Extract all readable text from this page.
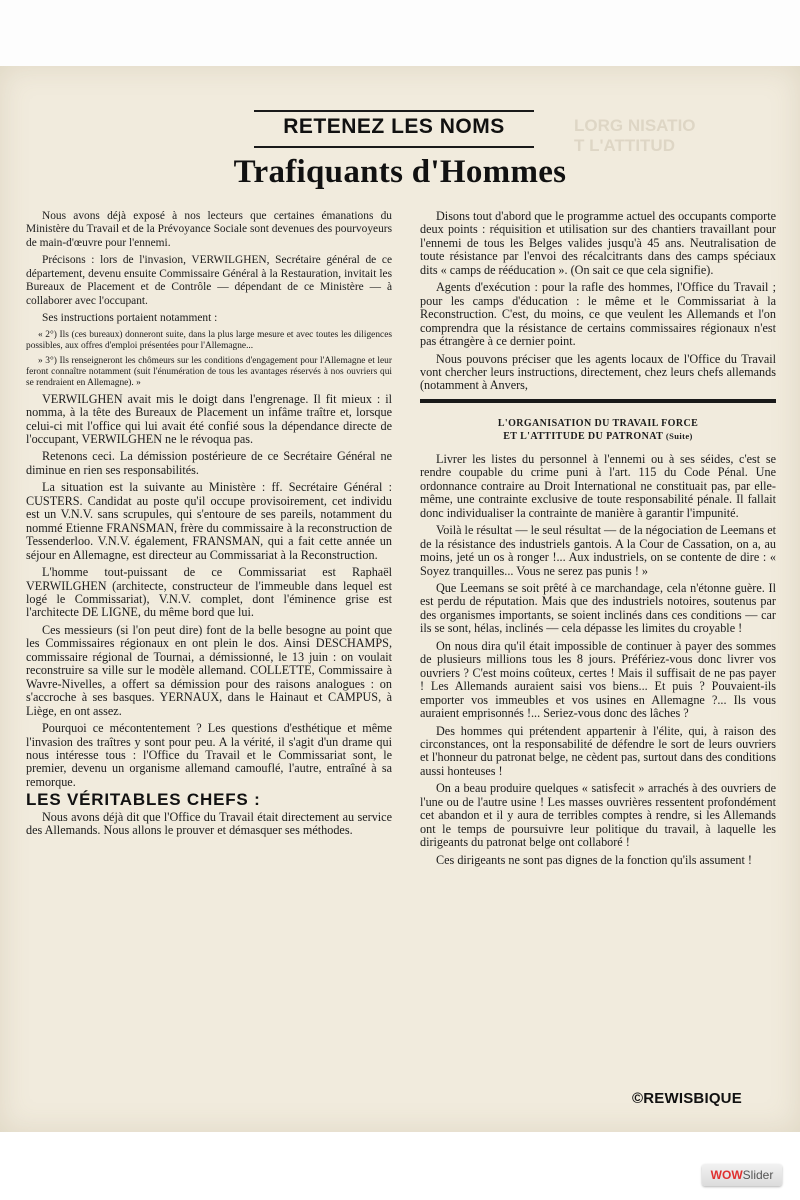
RETENEZ LES NOMS	LORG NISATIO
T L'ATTITUD
Trafiquants d'Hommes

Nous avons déjà exposé à nos lecteurs que certaines émanations du Ministère du Travail et de la Prévoyance Sociale sont devenues des pourvoyeurs de main-d'œuvre pour l'ennemi.

Précisons : lors de l'invasion, VERWILGHEN, Secrétaire général de ce département, devenu ensuite Commissaire Général à la Restauration, invitait les Bureaux de Placement et de Contrôle — dépendant de ce Ministère — à collaborer avec l'occupant.

Ses instructions portaient notamment :

« 2°) Ils (ces bureaux) donneront suite, dans la plus large mesure et avec toutes les diligences possibles, aux offres d'emploi présentées pour l'Allemagne...

» 3°) Ils renseigneront les chômeurs sur les conditions d'engagement pour l'Allemagne et leur feront connaître notamment (suit l'énumération de tous les avantages réservés à nos ouvriers qui se rendraient en Allemagne). »

VERWILGHEN avait mis le doigt dans l'engrenage. Il fit mieux : il nomma, à la tête des Bureaux de Placement un infâme traître et, lorsque celui-ci mit l'office qui lui avait été confié sous la dépendance directe de l'occupant, VERWILGHEN ne le révoqua pas.

Retenons ceci. La démission postérieure de ce Secrétaire Général ne diminue en rien ses responsabilités.

La situation est la suivante au Ministère : ff. Secrétaire Général : CUSTERS. Candidat au poste qu'il occupe provisoirement, cet individu est un V.N.V. sans scrupules, qui s'entoure de ses pareils, notamment du nommé Etienne FRANSMAN, frère du commissaire à la reconstruction de Tessenderloo. V.N.V. également, FRANSMAN, qui a fait cette année un séjour en Allemagne, est directeur au Commissariat à la Reconstruction.

L'homme tout-puissant de ce Commissariat est Raphaël VERWILGHEN (architecte, constructeur de l'immeuble dans lequel est logé le Commissariat), V.N.V. complet, dont l'éminence grise est l'architecte DE LIGNE, du même bord que lui.

Ces messieurs (si l'on peut dire) font de la belle besogne au point que les Commissaires régionaux en ont plein le dos. Ainsi DESCHAMPS, commissaire régional de Tournai, a démissionné, le 13 juin : on voulait reconstruire sa ville sur le modèle allemand. COLLETTE, Commissaire à Wavre-Nivelles, a offert sa démission pour des raisons analogues : on s'accroche à ses basques. YERNAUX, dans le Hainaut et CAMPUS, à Liège, en ont assez.

Pourquoi ce mécontentement ? Les questions d'esthétique et même l'invasion des traîtres y sont pour peu. A la vérité, il s'agit d'un drame qui nous intéresse tous : l'Office du Travail et le Commissariat sont, le premier, devenu un organisme allemand camouflé, l'autre, entraîné à sa remorque.

LES VÉRITABLES CHEFS :

Nous avons déjà dit que l'Office du Travail était directement au service des Allemands. Nous allons le prouver et démasquer ses méthodes.

Disons tout d'abord que le programme actuel des occupants comporte deux points : réquisition et utilisation sur des chantiers travaillant pour l'ennemi de tous les Belges valides jusqu'à 45 ans. Neutralisation de toute résistance par l'envoi des récalcitrants dans des camps spéciaux dits « camps de rééducation ». (On sait ce que cela signifie).

Agents d'exécution : pour la rafle des hommes, l'Office du Travail ; pour les camps d'éducation : le même et le Commissariat à la Reconstruction. C'est, du moins, ce que veulent les Allemands et l'on comprendra que la résistance de certains commissaires régionaux n'est pas étrangère à ce dernier point.

Nous pouvons préciser que les agents locaux de l'Office du Travail vont chercher leurs instructions, directement, chez leurs chefs allemands (notamment à Anvers,

L'ORGANISATION DU TRAVAIL FORCE
ET L'ATTITUDE DU PATRONAT (Suite)

Livrer les listes du personnel à l'ennemi ou à ses séides, c'est se rendre coupable du crime puni à l'art. 115 du Code Pénal. Une ordonnance contraire au Droit International ne constituait pas, par elle-même, une contrainte exclusive de toute responsabilité pénale. Il fallait donc individualiser la contrainte de manière à garantir l'impunité.

Voilà le résultat — le seul résultat — de la négociation de Leemans et de la résistance des industriels gantois. A la Cour de Cassation, on a, au moins, jeté un os à ronger !... Aux industriels, on se contente de dire : « Soyez tranquilles... Vous ne serez pas punis ! »

Que Leemans se soit prêté à ce marchandage, cela n'étonne guère. Il est perdu de réputation. Mais que des industriels notoires, soutenus par des organismes importants, se soient inclinés dans ces conditions — car ils se sont, hélas, inclinés — cela dépasse les limites du croyable !

On nous dira qu'il était impossible de continuer à payer des sommes de plusieurs millions tous les 8 jours. Préfériez-vous donc livrer vos ouvriers ? C'est moins coûteux, certes ! Mais il suffisait de ne pas payer ! Les Allemands auraient saisi vos biens... Et puis ? Pouvaient-ils emporter vos immeubles et vos usines en Allemagne ?... Ils vous auraient emprisonnés !... Seriez-vous donc des lâches ?

Des hommes qui prétendent appartenir à l'élite, qui, à raison des circonstances, ont la responsabilité de défendre le sort de leurs ouvriers et l'honneur du patronat belge, ne cèdent pas, surtout dans des conditions aussi honteuses !

On a beau produire quelques « satisfecit » arrachés à des ouvriers de l'une ou de l'autre usine ! Les masses ouvrières ressentent profondément cet abandon et il y aura de terribles comptes à rendre, si les Allemands ont le temps de poursuivre leur politique du travail, à laquelle les dirigeants du patronat belge ont collaboré !

Ces dirigeants ne sont pas dignes de la fonction qu'ils assument !

©REWISBIQUE
WOWSlider
